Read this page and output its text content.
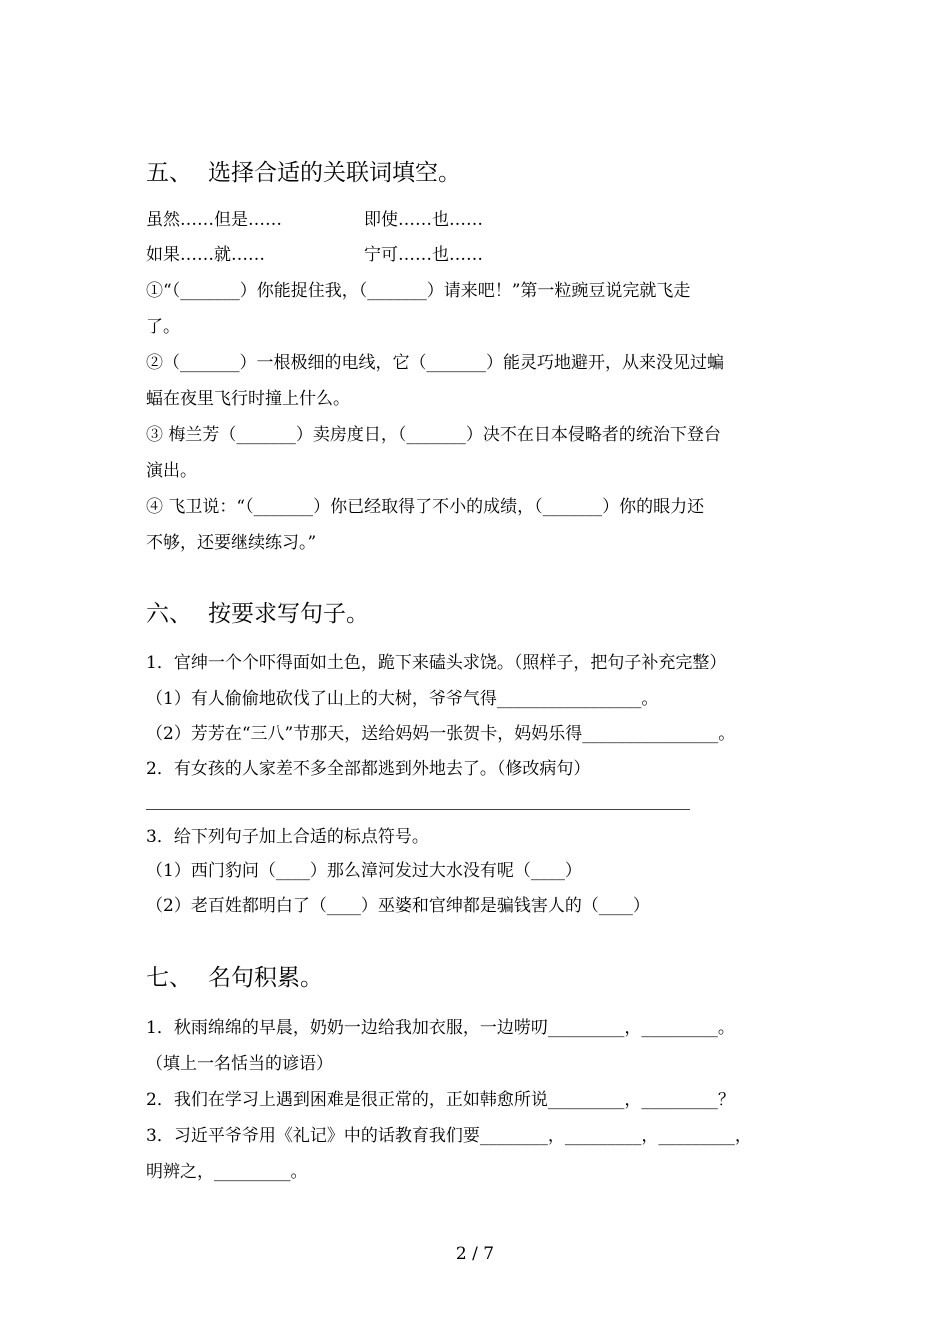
五、 选择合适的关联词填空。
虽然……但是……	即使……也……
如果……就……	宁可……也……
①“（_______）你能捉住我，（_______）请来吧！”第一粒豌豆说完就飞走
了。
②（_______）一根极细的电线，它（_______）能灵巧地避开，从来没见过蝙
蝠在夜里飞行时撞上什么。
③ 梅兰芳（_______）卖房度日，（_______）决不在日本侵略者的统治下登台
演出。
④ 飞卫说：“（_______）你已经取得了不小的成绩，（_______）你的眼力还
不够，还要继续练习。”
六、 按要求写句子。
1．官绅一个个吓得面如土色，跪下来磕头求饶。（照样子，把句子补充完整）
（1）有人偷偷地砍伐了山上的大树，爷爷气得_________________。
（2）芳芳在“三八”节那天，送给妈妈一张贺卡，妈妈乐得________________。
2．有女孩的人家差不多全部都逃到外地去了。（修改病句）
3．给下列句子加上合适的标点符号。
（1）西门豹问（____）那么漳河发过大水没有呢（____）
（2）老百姓都明白了（____）巫婆和官绅都是骗钱害人的（____）
七、 名句积累。
1．秋雨绵绵的早晨，奶奶一边给我加衣服，一边唠叨_________，_________。
（填上一名恬当的谚语）
2．我们在学习上遇到困难是很正常的，正如韩愈所说_________，_________？
3．习近平爷爷用《礼记》中的话教育我们要________，_________，_________，
明辨之，_________。
2 / 7
